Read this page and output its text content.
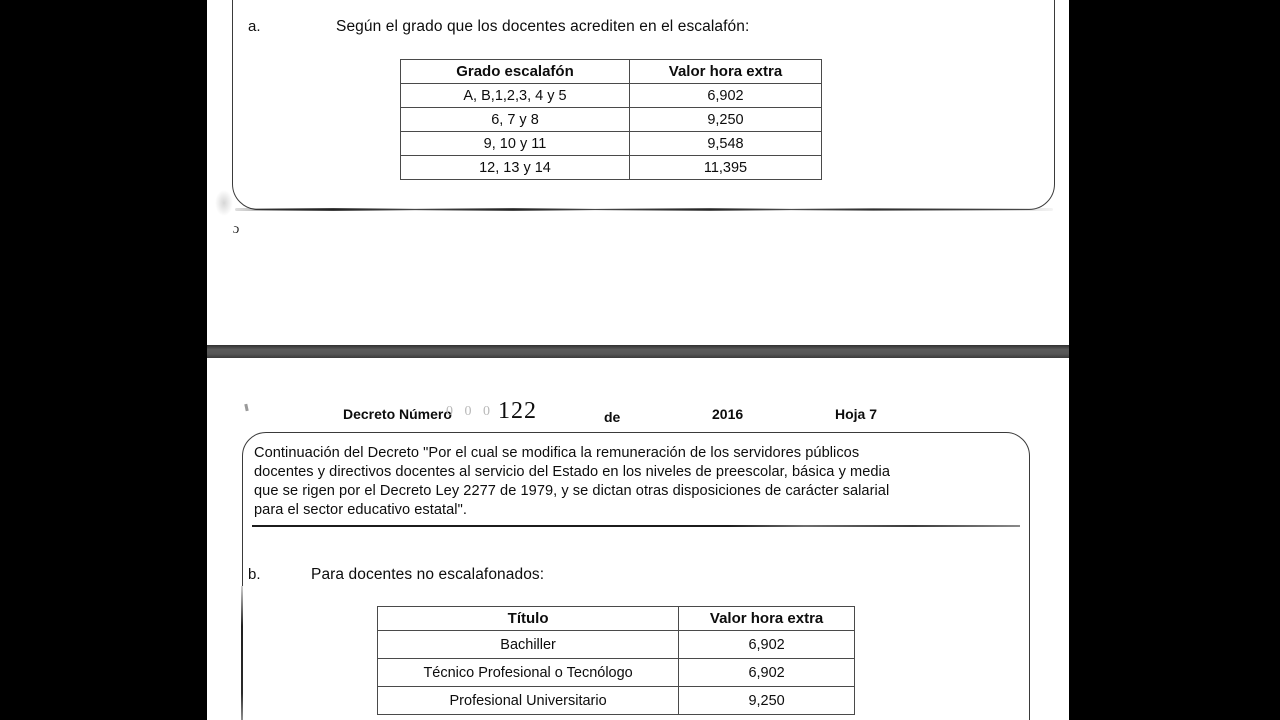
ɔ
a.	Según el grado que los docentes acrediten en el escalafón:
Grado escalafón	Valor hora extra
A, B,1,2,3, 4 y 5	6,902
6, 7 y 8	9,250
9, 10 y 11	9,548
12, 13 y 14	11,395
Decreto Número
0 0 0 122	de	2016	Hoja 7
Continuación del Decreto "Por el cual se modifica la remuneración de los servidores públicos
docentes y directivos docentes al servicio del Estado en los niveles de preescolar, básica y media
que se rigen por el Decreto Ley 2277 de 1979, y se dictan otras disposiciones de carácter salarial
para el sector educativo estatal".
b.	Para docentes no escalafonados:
Título	Valor hora extra
Bachiller	6,902
Técnico Profesional o Tecnólogo	6,902
Profesional Universitario	9,250
